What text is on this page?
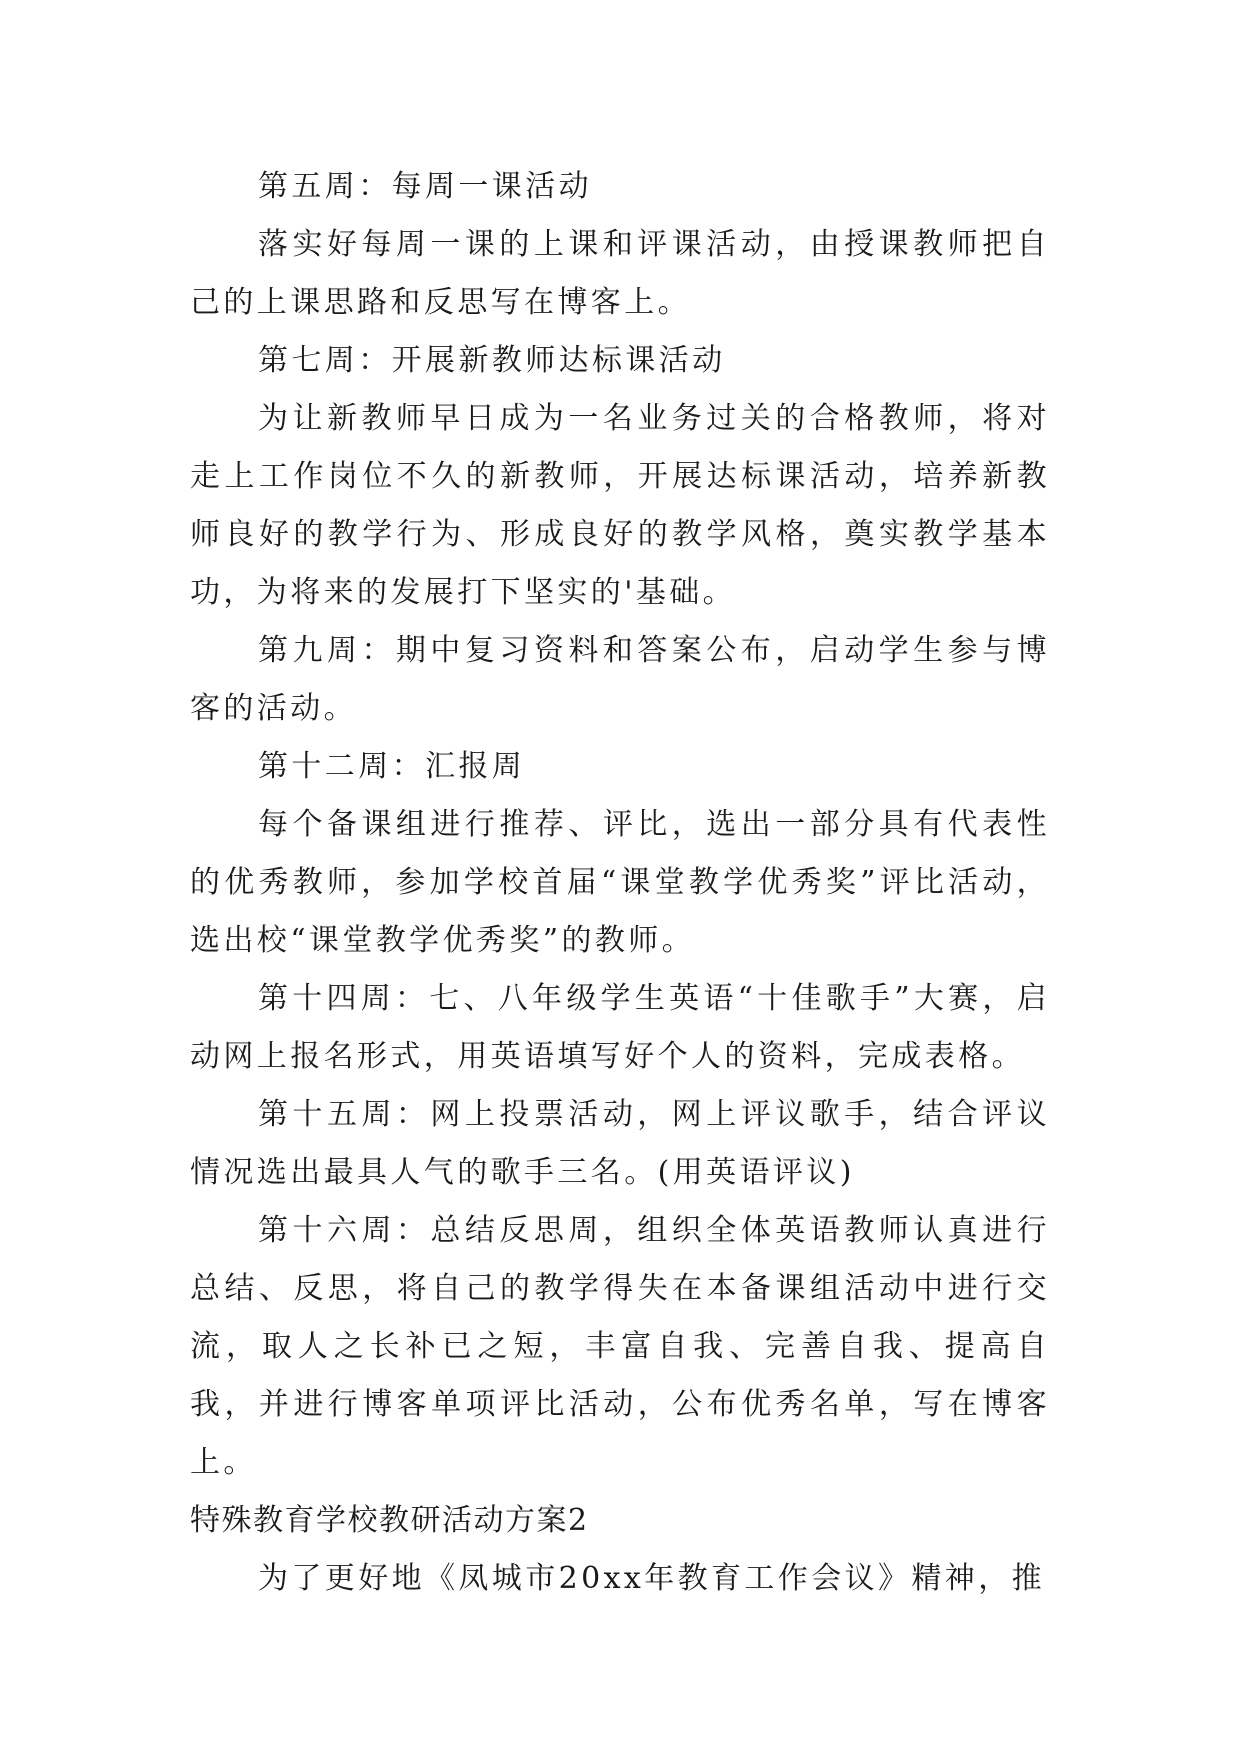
第五周：每周一课活动

落实好每周一课的上课和评课活动，由授课教师把自己的上课思路和反思写在博客上。

第七周：开展新教师达标课活动

为让新教师早日成为一名业务过关的合格教师，将对走上工作岗位不久的新教师，开展达标课活动，培养新教师良好的教学行为、形成良好的教学风格，奠实教学基本功，为将来的发展打下坚实的'基础。

第九周：期中复习资料和答案公布，启动学生参与博客的活动。

第十二周：汇报周

每个备课组进行推荐、评比，选出一部分具有代表性的优秀教师，参加学校首届“课堂教学优秀奖”评比活动，选出校“课堂教学优秀奖”的教师。

第十四周：七、八年级学生英语“十佳歌手”大赛，启动网上报名形式，用英语填写好个人的资料，完成表格。

第十五周：网上投票活动，网上评议歌手，结合评议情况选出最具人气的歌手三名。(用英语评议)

第十六周：总结反思周，组织全体英语教师认真进行总结、反思，将自己的教学得失在本备课组活动中进行交流，取人之长补已之短，丰富自我、完善自我、提高自我，并进行博客单项评比活动，公布优秀名单，写在博客上。

特殊教育学校教研活动方案2

为了更好地《凤城市20xx年教育工作会议》精神，推
